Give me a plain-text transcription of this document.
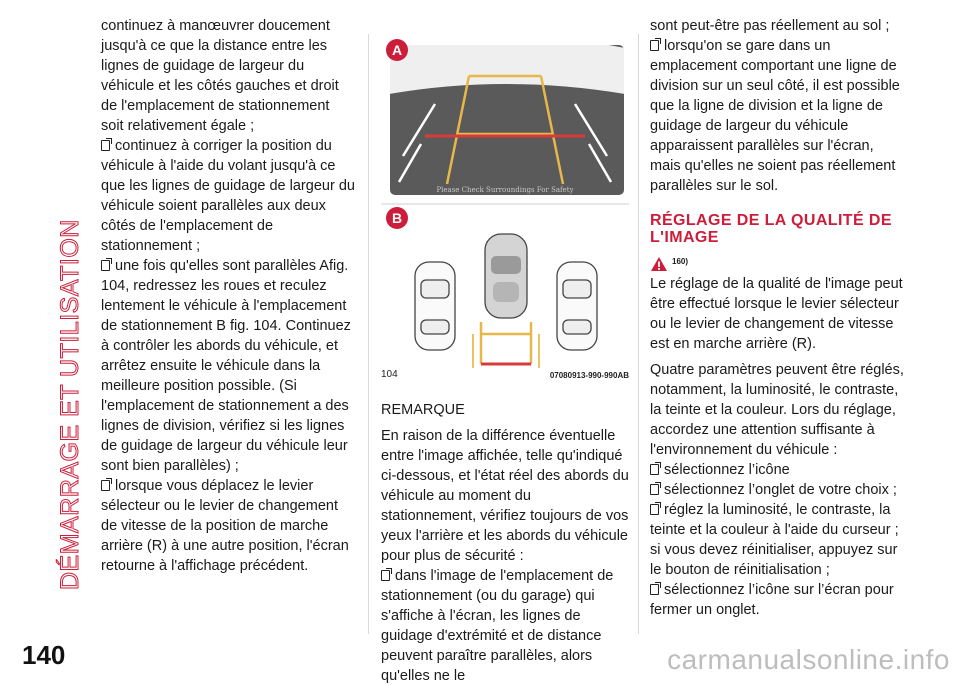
DÉMARRAGE ET UTILISATION
140

continuez à manœuvrer doucement jusqu'à ce que la distance entre les lignes de guidage de largeur du véhicule et les côtés gauches et droit de l'emplacement de stationnement soit relativement égale ;

continuez à corriger la position du véhicule à l'aide du volant jusqu'à ce que les lignes de guidage de largeur du véhicule soient parallèles aux deux côtés de l'emplacement de stationnement ;

une fois qu'elles sont parallèles Afig. 104, redressez les roues et reculez lentement le véhicule à l'emplacement de stationnement B fig. 104. Continuez à contrôler les abords du véhicule, et arrêtez ensuite le véhicule dans la meilleure position possible. (Si l'emplacement de stationnement a des lignes de division, vérifiez si les lignes de guidage de largeur du véhicule leur sont bien parallèles) ;

lorsque vous déplacez le levier sélecteur ou le levier de changement de vitesse de la position de marche arrière (R) à une autre position, l'écran retourne à l'affichage précédent.

Please Check Surroundings For Safety
A
B
104	07080913-990-990AB

REMARQUE

En raison de la différence éventuelle entre l'image affichée, telle qu'indiqué ci-dessous, et l'état réel des abords du véhicule au moment du stationnement, vérifiez toujours de vos yeux l'arrière et les abords du véhicule pour plus de sécurité :

dans l'image de l'emplacement de stationnement (ou du garage) qui s'affiche à l'écran, les lignes de guidage d'extrémité et de distance peuvent paraître parallèles, alors qu'elles ne le

sont peut-être pas réellement au sol ;

lorsqu'on se gare dans un emplacement comportant une ligne de division sur un seul côté, il est possible que la ligne de division et la ligne de guidage de largeur du véhicule apparaissent parallèles sur l'écran, mais qu'elles ne soient pas réellement parallèles sur le sol.

RÉGLAGE DE LA QUALITÉ DE L'IMAGE
160)

Le réglage de la qualité de l'image peut être effectué lorsque le levier sélecteur ou le levier de changement de vitesse est en marche arrière (R).

Quatre paramètres peuvent être réglés, notamment, la luminosité, le contraste, la teinte et la couleur. Lors du réglage, accordez une attention suffisante à l'environnement du véhicule :

sélectionnez l’icône

sélectionnez l’onglet de votre choix ;

réglez la luminosité, le contraste, la teinte et la couleur à l'aide du curseur ; si vous devez réinitialiser, appuyez sur le bouton de réinitialisation ;

sélectionnez l’icône sur l’écran pour fermer un onglet.

carmanualsonline.info
